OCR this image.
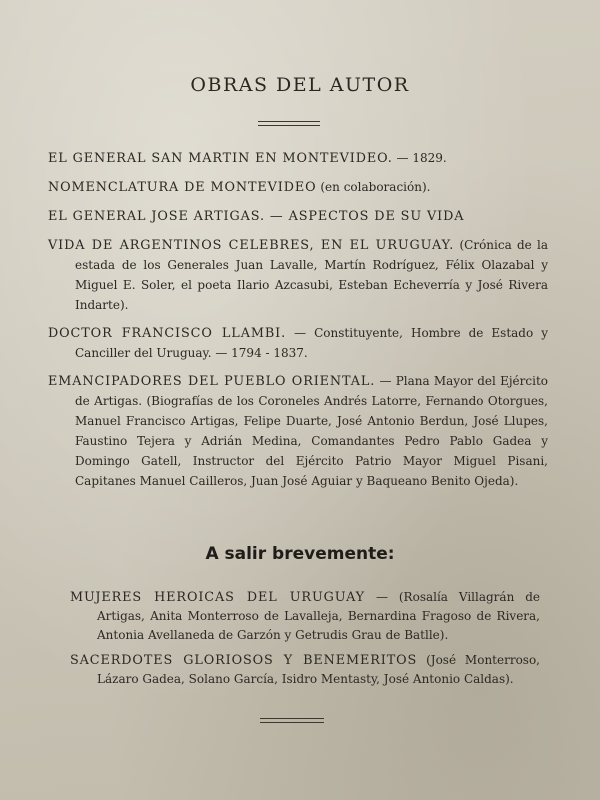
OBRAS DEL AUTOR
EL GENERAL SAN MARTIN EN MONTEVIDEO. — 1829.
NOMENCLATURA DE MONTEVIDEO (en colaboración).
EL GENERAL JOSE ARTIGAS. — ASPECTOS DE SU VIDA
VIDA DE ARGENTINOS CELEBRES, EN EL URUGUAY. (Crónica de la estada de los Generales Juan Lavalle, Martín Rodríguez, Félix Olazabal y Miguel E. Soler, el poeta Ilario Azcasubi, Esteban Echeverría y José Rivera Indarte).
DOCTOR FRANCISCO LLAMBI. — Constituyente, Hombre de Estado y Canciller del Uruguay. — 1794 - 1837.
EMANCIPADORES DEL PUEBLO ORIENTAL. — Plana Mayor del Ejército de Artigas. (Biografías de los Coroneles Andrés Latorre, Fernando Otorgues, Manuel Francisco Artigas, Felipe Duarte, José Antonio Berdun, José Llupes, Faustino Tejera y Adrián Medina, Comandantes Pedro Pablo Gadea y Domingo Gatell, Instructor del Ejército Patrio Mayor Miguel Pisani, Capitanes Manuel Cailleros, Juan José Aguiar y Baqueano Benito Ojeda).
A salir brevemente:
MUJERES HEROICAS DEL URUGUAY — (Rosalía Villagrán de Artigas, Anita Monterroso de Lavalleja, Bernardina Fragoso de Rivera, Antonia Avellaneda de Garzón y Getrudis Grau de Batlle).
SACERDOTES GLORIOSOS Y BENEMERITOS (José Monterroso, Lázaro Gadea, Solano García, Isidro Mentasty, José Antonio Caldas).
